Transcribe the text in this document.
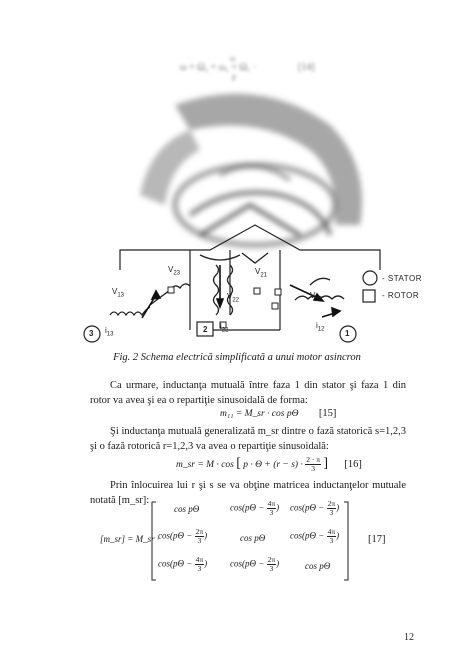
ω = Ω₂ + ω₁ = Ω₁ ·
ω
p
[14]
$V_{23}$	$V_{21}$
$V_{13}$
$i_{13}$
$V_{22}$
$i_{22}$
$V_{12}$
$i_{12}$
3	2	1
- STATOR
- ROTOR
Fig. 2 Schema electrică simplificată a unui motor asincron
Ca urmare, inductanţa mutuală între faza 1 din stator şi faza 1 din rotor va avea şi ea o repartiţie sinusoidală de forma:
m₁₁ = M_sr · cos pΘ [15]
Şi inductanţa mutuală generalizată m_sr dintre o fază statorică s=1,2,3 şi o fază rotorică r=1,2,3 va avea o repartiţie sinusoidală:
m_sr = M · cos [ $p \cdot \Theta + (r - s) \cdot \frac{2 \cdot \pi}{3}$ ] [16]
Prin înlocuirea lui r şi s se va obţine matricea inductanţelor mutuale notată [m_sr]:
[m_sr] = M_sr ·
cos pΘ	$\cos(p\Theta - \frac{4\pi}{3}$ ) $\cos(p\Theta - \frac{2\pi}{3}$ )
$\cos(p\Theta - \frac{2\pi}{3}$ )	cos pΘ	$\cos(p\Theta - \frac{4\pi}{3}$ )
$\cos(p\Theta - \frac{4\pi}{3}$ )	$\cos(p\Theta - \frac{2\pi}{3}$ )	cos pΘ
[17]
12
